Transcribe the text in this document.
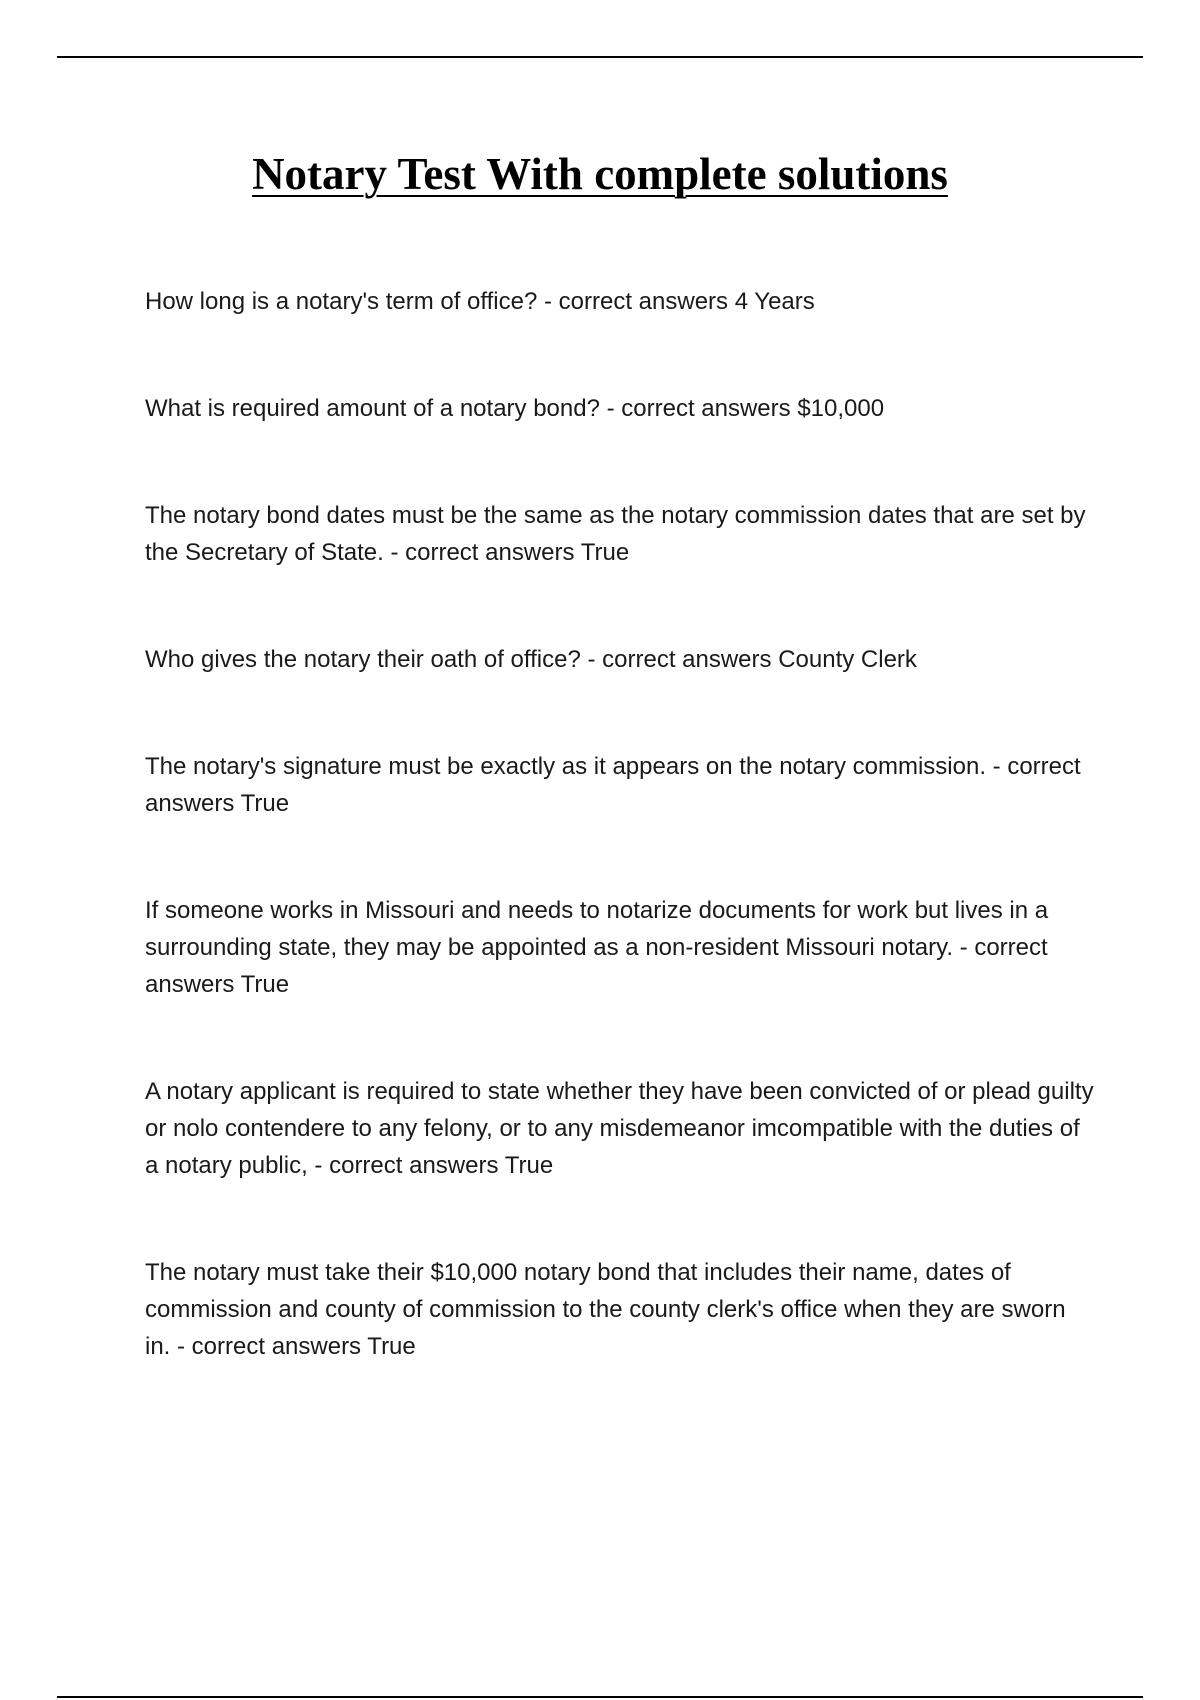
Notary Test With complete solutions

How long is a notary's term of office? - correct answers 4 Years

What is required amount of a notary bond? - correct answers $10,000

The notary bond dates must be the same as the notary commission dates that are set by the Secretary of State. - correct answers True

Who gives the notary their oath of office? - correct answers County Clerk

The notary's signature must be exactly as it appears on the notary commission. - correct answers True

If someone works in Missouri and needs to notarize documents for work but lives in a surrounding state, they may be appointed as a non-resident Missouri notary. - correct answers True

A notary applicant is required to state whether they have been convicted of or plead guilty or nolo contendere to any felony, or to any misdemeanor imcompatible with the duties of a notary public, - correct answers True

The notary must take their $10,000 notary bond that includes their name, dates of commission and county of commission to the county clerk's office when they are sworn in. - correct answers True
